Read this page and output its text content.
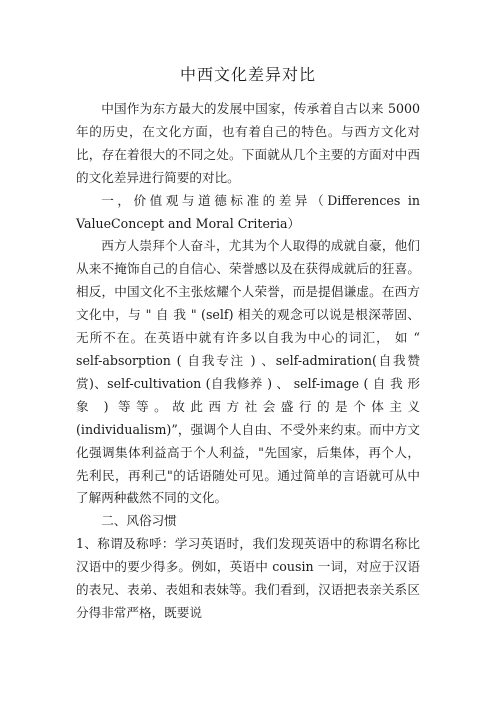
中西文化差异对比

中国作为东方最大的发展中国家，传承着自古以来 5000 年的历史，在文化方面，也有着自己的特色。与西方文化对比，存在着很大的不同之处。下面就从几个主要的方面对中西的文化差异进行简要的对比。

一，价值观与道德标准的差异（Differences in ValueConcept and Moral Criteria）

西方人崇拜个人奋斗，尤其为个人取得的成就自豪，他们从来不掩饰自己的自信心、荣誉感以及在获得成就后的狂喜。相反，中国文化不主张炫耀个人荣誉，而是提倡谦虚。在西方文化中，与 " 自 我 " (self) 相关的观念可以说是根深蒂固、 无所不在。在英语中就有许多以自我为中心的词汇， 如 “ self-absorption ( 自我专注 ) 、self-admiration(自我赞赏)、self-cultivation (自我修养 ) 、 self-image ( 自 我 形 象 ) 等等。故此西方社会盛行的是个体主义 (individualism)”，强调个人自由、不受外来约束。而中方文化强调集体利益高于个人利益，"先国家，后集体，再个人，先利民，再利己"的话语随处可见。通过简单的言语就可从中了解两种截然不同的文化。

二、风俗习惯

1、称谓及称呼：学习英语时，我们发现英语中的称谓名称比汉语中的要少得多。例如，英语中 cousin 一词，对应于汉语的表兄、表弟、表姐和表妹等。我们看到，汉语把表亲关系区分得非常严格，既要说
